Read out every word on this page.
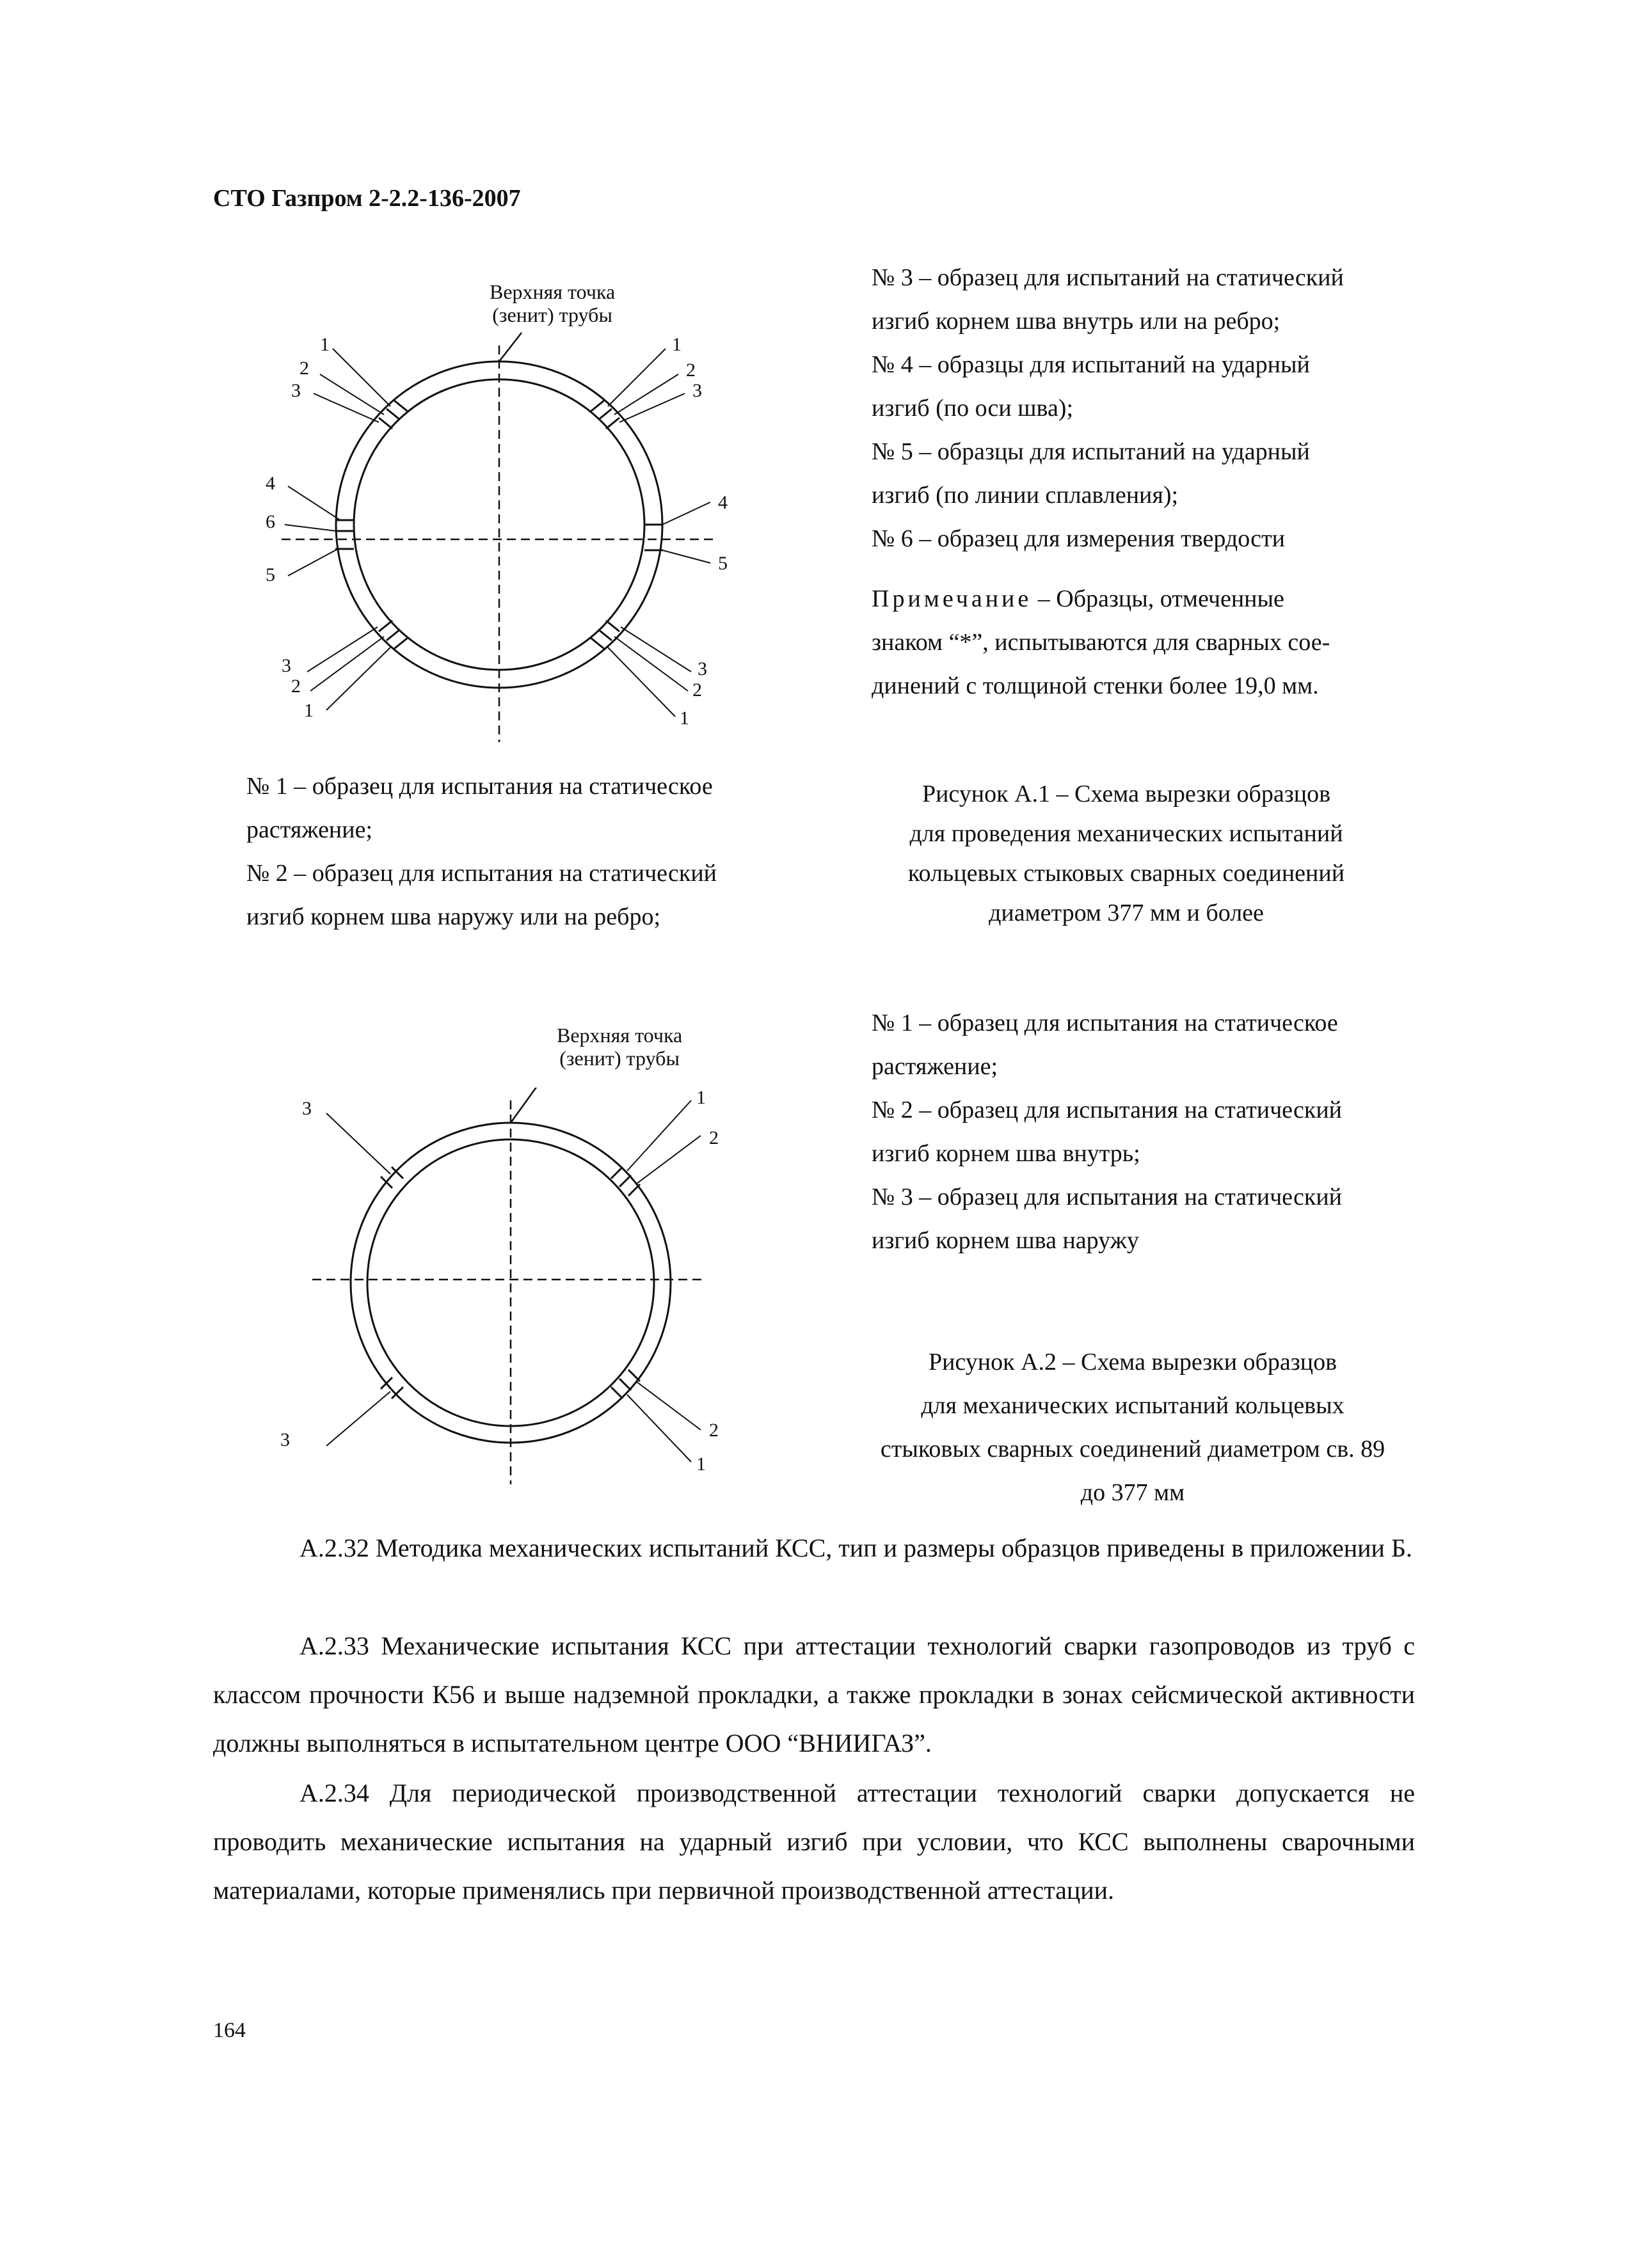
СТО Газпром 2-2.2-136-2007
1
2
3
1
2
3
4
6
5
4
5
3
2
1
3
2
1
Верхняя точка
(зенит) трубы
№ 3 – образец для испытаний на статический
изгиб корнем шва внутрь или на ребро;
№ 4 – образцы для испытаний на ударный
изгиб (по оси шва);
№ 5 – образцы для испытаний на ударный
изгиб (по линии сплавления);
№ 6 – образец для измерения твердости
Примечание – Образцы, отмеченные
знаком “*”, испытываются для сварных сое-
динений с толщиной стенки более 19,0 мм.
№ 1 – образец для испытания на статическое
растяжение;
№ 2 – образец для испытания на статический
изгиб корнем шва наружу или на ребро;
Рисунок А.1 – Схема вырезки образцов
для проведения механических испытаний
кольцевых стыковых сварных соединений
диаметром 377 мм и более
3
1
2
3	2
1
Верхняя точка
(зенит) трубы
№ 1 – образец для испытания на статическое
растяжение;
№ 2 – образец для испытания на статический
изгиб корнем шва внутрь;
№ 3 – образец для испытания на статический
изгиб корнем шва наружу
Рисунок А.2 – Схема вырезки образцов
для механических испытаний кольцевых
стыковых сварных соединений диаметром св. 89
до 377 мм
А.2.32 Методика механических испытаний КСС, тип и размеры образцов приведены в приложении Б.
А.2.33 Механические испытания КСС при аттестации технологий сварки газопроводов из труб с классом прочности К56 и выше надземной прокладки, а также прокладки в зонах сейсмической активности должны выполняться в испытательном центре ООО “ВНИИГАЗ”.
А.2.34 Для периодической производственной аттестации технологий сварки допускается не проводить механические испытания на ударный изгиб при условии, что КСС выполнены сварочными материалами, которые применялись при первичной производственной аттестации.
164
